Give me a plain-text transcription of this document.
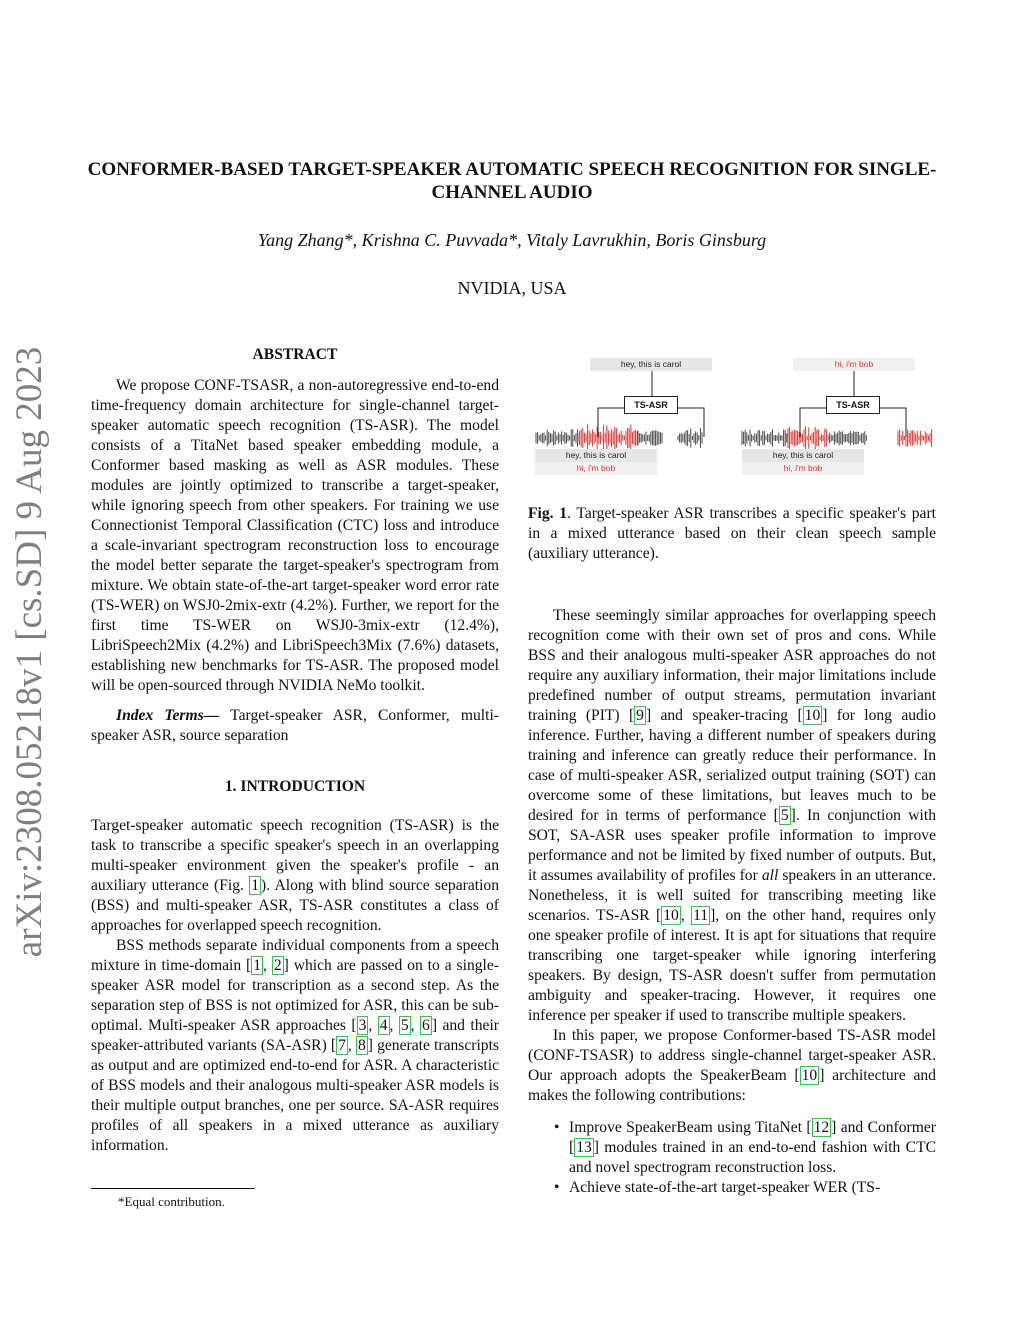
arXiv:2308.05218v1 [cs.SD] 9 Aug 2023
CONFORMER-BASED TARGET-SPEAKER AUTOMATIC SPEECH RECOGNITION FOR SINGLE-CHANNEL AUDIO
Yang Zhang*, Krishna C. Puvvada*, Vitaly Lavrukhin, Boris Ginsburg
NVIDIA, USA
ABSTRACT

We propose CONF-TSASR, a non-autoregressive end-to-end time-frequency domain architecture for single-channel target-speaker automatic speech recognition (TS-ASR). The model consists of a TitaNet based speaker embedding module, a Conformer based masking as well as ASR modules. These modules are jointly optimized to transcribe a target-speaker, while ignoring speech from other speakers. For training we use Connectionist Temporal Classification (CTC) loss and introduce a scale-invariant spectrogram reconstruction loss to encourage the model better separate the target-speaker's spectrogram from mixture. We obtain state-of-the-art target-speaker word error rate (TS-WER) on WSJ0-2mix-extr (4.2%). Further, we report for the first time TS-WER on WSJ0-3mix-extr (12.4%), LibriSpeech2Mix (4.2%) and LibriSpeech3Mix (7.6%) datasets, establishing new benchmarks for TS-ASR. The proposed model will be open-sourced through NVIDIA NeMo toolkit.

Index Terms— Target-speaker ASR, Conformer, multi-speaker ASR, source separation

1. INTRODUCTION

Target-speaker automatic speech recognition (TS-ASR) is the task to transcribe a specific speaker's speech in an overlapping multi-speaker environment given the speaker's profile - an auxiliary utterance (Fig. 1 ). Along with blind source separation (BSS) and multi-speaker ASR, TS-ASR constitutes a class of approaches for overlapped speech recognition.

BSS methods separate individual components from a speech mixture in time-domain [ 1 , 2 ] which are passed on to a single-speaker ASR model for transcription as a second step. As the separation step of BSS is not optimized for ASR, this can be sub-optimal. Multi-speaker ASR approaches [ 3 , 4 , 5 , 6 ] and their speaker-attributed variants (SA-ASR) [ 7 , 8 ] generate transcripts as output and are optimized end-to-end for ASR. A characteristic of BSS models and their analogous multi-speaker ASR models is their multiple output branches, one per source. SA-ASR requires profiles of all speakers in a mixed utterance as auxiliary information.

*Equal contribution.
hey, this is carol
TS-ASR
hey, this is carol
hi, i'm bob
hi, i'm bob
TS-ASR
hey, this is carol
hi, i'm bob

Fig. 1. Target-speaker ASR transcribes a specific speaker's part in a mixed utterance based on their clean speech sample (auxiliary utterance).

These seemingly similar approaches for overlapping speech recognition come with their own set of pros and cons. While BSS and their analogous multi-speaker ASR approaches do not require any auxiliary information, their major limitations include predefined number of output streams, permutation invariant training (PIT) [ 9 ] and speaker-tracing [ 10 ] for long audio inference. Further, having a different number of speakers during training and inference can greatly reduce their performance. In case of multi-speaker ASR, serialized output training (SOT) can overcome some of these limitations, but leaves much to be desired for in terms of performance [ 5 ]. In conjunction with SOT, SA-ASR uses speaker profile information to improve performance and not be limited by fixed number of outputs. But, it assumes availability of profiles for all speakers in an utterance. Nonetheless, it is well suited for transcribing meeting like scenarios. TS-ASR [ 10 , 11 ], on the other hand, requires only one speaker profile of interest. It is apt for situations that require transcribing one target-speaker while ignoring interfering speakers. By design, TS-ASR doesn't suffer from permutation ambiguity and speaker-tracing. However, it requires one inference per speaker if used to transcribe multiple speakers.

In this paper, we propose Conformer-based TS-ASR model (CONF-TSASR) to address single-channel target-speaker ASR. Our approach adopts the SpeakerBeam [ 10 ] architecture and makes the following contributions:

• Improve SpeakerBeam using TitaNet [ 12 ] and Conformer [ 13 ] modules trained in an end-to-end fashion with CTC and novel spectrogram reconstruction loss.
• Achieve state-of-the-art target-speaker WER (TS-
